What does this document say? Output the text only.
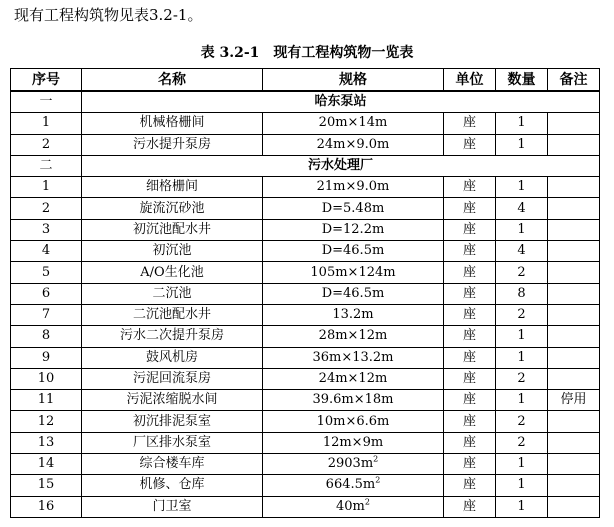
现有工程构筑物见表3.2-1。
表 3.2-1 现有工程构筑物一览表
序号	名称	规格	单位	数量	备注
一	哈东泵站				
1	机械格栅间	20m×14m	座	1	
2	污水提升泵房	24m×9.0m	座	1	
二	污水处理厂				
1	细格栅间	21m×9.0m	座	1	
2	旋流沉砂池	D=5.48m	座	4	
3	初沉池配水井	D=12.2m	座	1	
4	初沉池	D=46.5m	座	4	
5	A/O生化池	105m×124m	座	2	
6	二沉池	D=46.5m	座	8	
7	二沉池配水井	13.2m	座	2	
8	污水二次提升泵房	28m×12m	座	1	
9	鼓风机房	36m×13.2m	座	1	
10	污泥回流泵房	24m×12m	座	2	
11	污泥浓缩脱水间	39.6m×18m	座	1	停用
12	初沉排泥泵室	10m×6.6m	座	2	
13	厂区排水泵室	12m×9m	座	2	
14	综合楼车库	$2903m^2$	座	1	
15	机修、仓库	$664.5m^2$	座	1	
16	门卫室	$40m^2$	座	1	
